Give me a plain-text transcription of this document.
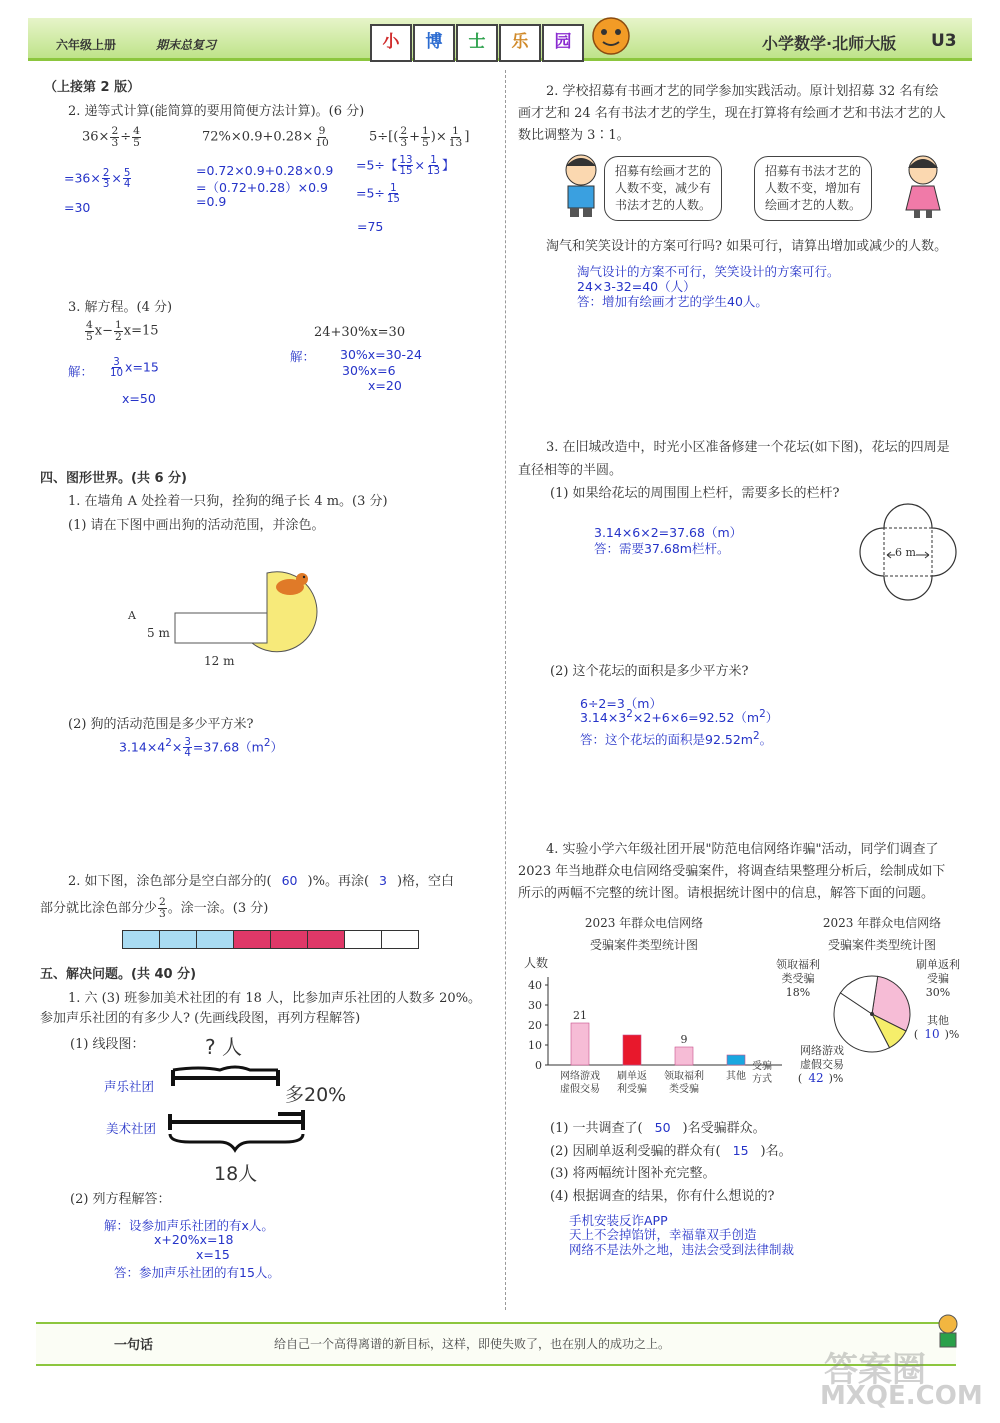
六年级上册	期末总复习	小	博	士	乐	园	小学数学·北师大版 U3
（上接第 2 版）
2. 递等式计算(能简算的要用简便方法计算)。(6 分)
$36\times \frac{2}{3} \div \frac{4}{5}$
$=36\times \frac{2}{3} \times \frac{5}{4}$
=30
$72\%\times 0.9+0.28\times \frac{9}{10}$
=0.72×0.9+0.28×0.9
=（0.72+0.28）×0.9
=0.9
$5\div[( \frac{2}{3} + \frac{1}{5}$ )× $\frac{1}{13}$ ]
=5÷【 $\frac{13}{15} \times \frac{1}{13}$ 】
$=5\div \frac{1}{15}$
=75
3. 解方程。(4 分)
$\frac{4}{5} x- \frac{1}{2} x=15$
解： $\frac{3}{10} x=15$
x=50
24+30%x=30
解： 30%x=30-24
30%x=6
x=20
四、图形世界。(共 6 分)
1. 在墙角 A 处拴着一只狗，拴狗的绳子长 4 m。(3 分)
(1) 请在下图中画出狗的活动范围，并涂色。
A
5 m
12 m
(2) 狗的活动范围是多少平方米?
$3.14\times 4^2\times \frac{3}{4} =37.68(m^2)$
2. 如下图，涂色部分是空白部分的( 60 )%。再涂( 3 )格，空白
部分就比涂色部分少 $\frac{2}{3}$ 。涂一涂。(3 分)
五、解决问题。(共 40 分)
1. 六 (3) 班参加美术社团的有 18 人，比参加声乐社团的人数多 20%。
参加声乐社团的有多少人? (先画线段图，再列方程解答)
(1) 线段图：	? 人
声乐社团
美术社团
多20%
18人
(2) 列方程解答：
解：设参加声乐社团的有x人。
x+20%x=18
x=15
答：参加声乐社团的有15人。
2. 学校招募有书画才艺的同学参加实践活动。原计划招募 32 名有绘
画才艺和 24 名有书法才艺的学生，现在打算将有绘画才艺和书法才艺的人
数比调整为 3∶1。
招募有绘画才艺的
人数不变，减少有
书法才艺的人数。
招募有书法才艺的
人数不变，增加有
绘画才艺的人数。
淘气和笑笑设计的方案可行吗? 如果可行，请算出增加或减少的人数。
淘气设计的方案不可行，笑笑设计的方案可行。
24×3-32=40（人）
答：增加有绘画才艺的学生40人。
3. 在旧城改造中，时光小区准备修建一个花坛(如下图)，花坛的四周是
直径相等的半圆。
(1) 如果给花坛的周围围上栏杆，需要多长的栏杆?
3.14×6×2=37.68（m）
答：需要37.68m栏杆。	6 m
(2) 这个花坛的面积是多少平方米?
6÷2=3（m）
$3.14\times 3^2\times 2+6\times 6=92.52(m^2)$
答：这个花坛的面积是$92.52m^2$。
4. 实验小学六年级社团开展"防范电信网络诈骗"活动，同学们调查了
2023 年当地群众电信网络受骗案件，将调查结果整理分析后，绘制成如下
所示的两幅不完整的统计图。请根据统计图中的信息，解答下面的问题。
2023 年群众电信网络
受骗案件类型统计图
人数
0
10
20
30
40
21
网络游戏
虚假交易
刷单返
利受骗
9
领取福利
类受骗
其他
受骗
方式
2023 年群众电信网络
受骗案件类型统计图
刷单返利
受骗
30%
其他
( 10 )%
网络游戏
虚假交易
( 42 )%
领取福利
类受骗
18%
(1) 一共调查了( 50 )名受骗群众。
(2) 因刷单返利受骗的群众有( 15 )名。
(3) 将两幅统计图补充完整。
(4) 根据调查的结果，你有什么想说的?
手机安装反诈APP
天上不会掉馅饼，幸福靠双手创造
网络不是法外之地，违法会受到法律制裁
一句话	给自己一个高得离谱的新目标，这样，即使失败了，也在别人的成功之上。
答案圈
MXQE.COM
